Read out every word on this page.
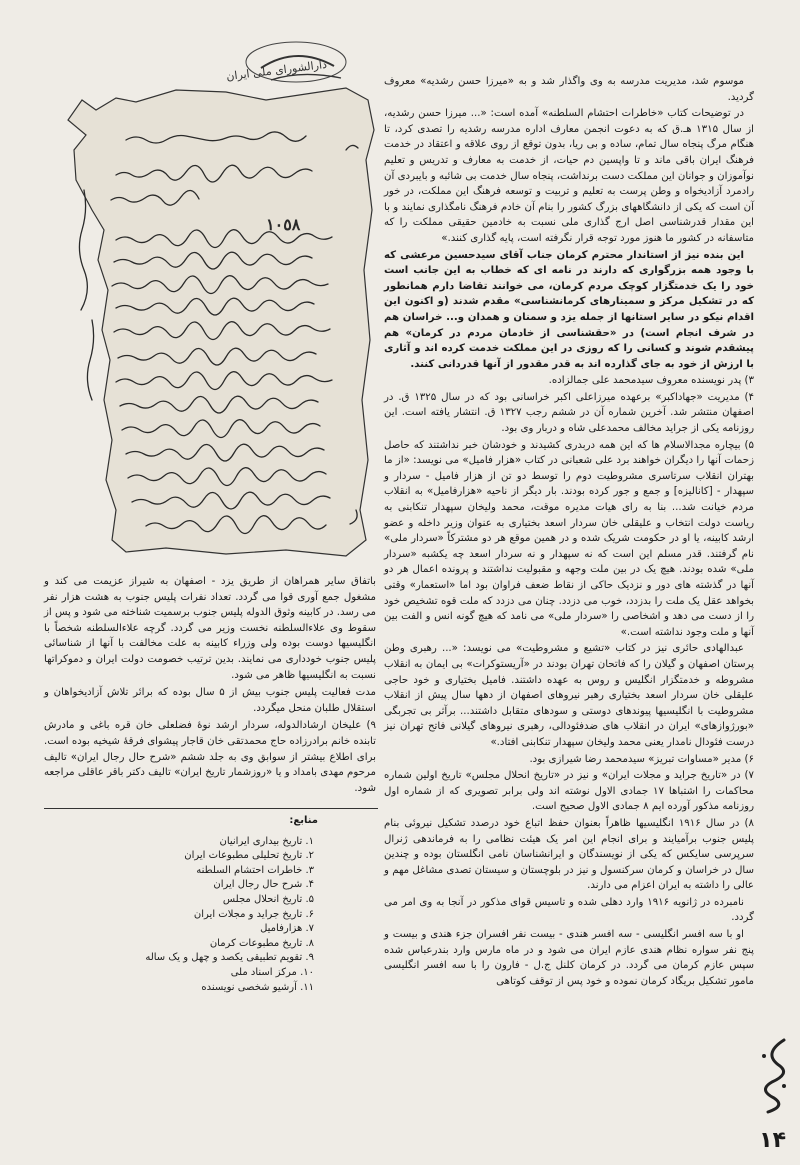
دارالشورای ملی ایران
١٠٥٨

موسوم شد، مدیریت مدرسه به وی واگذار شد و به «میرزا حسن رشدیه» معروف گردید.

در توضیحات کتاب «خاطرات احتشام السلطنه» آمده است: «... میرزا حسن رشدیه، از سال ۱۳۱۵ هـ.ق که به دعوت انجمن معارف اداره مدرسه رشدیه را تصدی کرد، تا هنگام مرگ پنجاه سال تمام، ساده و بی ریا، بدون توقع از روی علاقه و اعتقاد در خدمت فرهنگ ایران باقی ماند و تا واپسین دم حیات، از خدمت به معارف و تدریس و تعلیم نوآموزان و جوانان این مملکت دست برنداشت، پنجاه سال خدمت بی شائبه و بایبردی آن رادمرد آزادیخواه و وطن پرست به تعلیم و تربیت و توسعه فرهنگ این مملکت، در خور آن است که یکی از دانشگاههای بزرگ کشور را بنام آن خادم فرهنگ نامگذاری نمایند و با این مقدار قدرشناسی اصل ارج گذاری ملی نسبت به خادمین حقیقی مملکت را که متاسفانه در کشور ما هنوز مورد توجه قرار نگرفته است، پایه گذاری کنند.»

این بنده نیز از استاندار محترم کرمان جناب آقای سیدحسین مرعشی که با وجود همه بزرگواری که دارند در نامه ای که خطاب به این جانب است خود را یک خدمتگزار کوچک مردم کرمان، می خوانند تقاضا دارم همانطور که در تشکیل مرکز و سمینارهای کرمانشناسی» مقدم شدند (و اکنون این اقدام نیکو در سایر استانها از جمله یزد و سمنان و همدان و... خراسان هم در شرف انجام است) در «حقشناسی از خادمان مردم در کرمان» هم پیشقدم شوند و کسانی را که روزی در این مملکت خدمت کرده اند و آثاری با ارزش از خود به جای گذارده اند به قدر مقدور از آنها قدردانی کنند.

۳) پدر نویسنده معروف سیدمحمد علی جمالزاده.

۴) مدیریت «جهاداکبر» برعهده میرزاعلی اکبر خراسانی بود که در سال ۱۳۲۵ ق. در اصفهان منتشر شد. آخرین شماره آن در ششم رجب ۱۳۲۷ ق. انتشار یافته است. این روزنامه یکی از جراید مخالف محمدعلی شاه و دربار وی بود.

۵) بیچاره مجدالاسلام ها که این همه دربدری کشیدند و خودشان خبر نداشتند که حاصل زحمات آنها را دیگران خواهند برد علی شعبانی در کتاب «هزار فامیل» می نویسد: «از ما بهتران انقلاب سرتاسری مشروطیت دوم را توسط دو تن از هزار فامیل - سردار و سپهدار - [کانالیزه] و جمع و جور کرده بودند. بار دیگر از ناحیه «هزارفامیل» به انقلاب مردم خیانت شد... بنا به رای هیات مدیره موقت، محمد ولیخان سپهدار تنکابنی به ریاست دولت انتخاب و علیقلی خان سردار اسعد بختیاری به عنوان وزیر داخله و عضو ارشد کابینه، یا او در حکومت شریک شده و در همین موقع هر دو مشترکاً «سردار ملی» نام گرفتند. قدر مسلم این است که نه سپهدار و نه سردار اسعد چه یکشبه «سردار ملی» شده بودند. هیچ یک در بین ملت وجهه و مقبولیت نداشتند و پرونده اعمال هر دو آنها در گذشته های دور و نزدیک حاکی از نقاط ضعف فراوان بود اما «استعمار» وقتی بخواهد عقل یک ملت را بدزدد، خوب می دزدد. چنان می دزدد که ملت قوه تشخیص خود را از دست می دهد و اشخاصی را «سردار ملی» می نامد که هیچ گونه انس و الفت بین آنها و ملت وجود نداشته است.»

عبدالهادی حائری نیز در کتاب «تشیع و مشروطیت» می نویسد: «... رهبری وطن پرستان اصفهان و گیلان را که فاتحان تهران بودند در «آریستوکرات» بی ایمان به انقلاب مشروطه و خدمتگزار انگلیس و روس به عهده داشتند. فامیل بختیاری و خود حاجی علیقلی خان سردار اسعد بختیاری رهبر نیروهای اصفهان از دهها سال پیش از انقلاب مشروطیت با انگلیسیها پیوندهای دوستی و سودهای متقابل داشتند... برآثر بی تجربگی «بورژوازهای» ایران در انقلاب های ضدفئودالی، رهبری نیروهای گیلانی فاتح تهران نیز درست فئودال نامدار یعنی محمد ولیخان سپهدار تنکابنی افتاد.»

۶) مدیر «مساوات تبریز» سیدمحمد رضا شیرازی بود.

۷) در «تاریخ جراید و مجلات ایران» و نیز در «تاریخ انحلال مجلس» تاریخ اولین شماره محاکمات را اشتباها ۱۷ جمادی الاول نوشته اند ولی برابر تصویری که از شماره اول روزنامه مذکور آورده ایم ۸ جمادی الاول صحیح است.

۸) در سال ۱۹۱۶ انگلیسیها ظاهراً بعنوان حفظ اتباع خود درصدد تشکیل نیروئی بنام پلیس جنوب برآمیایند و برای انجام این امر یک هیئت نظامی را به فرماندهی ژنرال سرپرسی سایکس که یکی از نویسندگان و ایرانشناسان نامی انگلستان بوده و چندین سال در خراسان و کرمان سرکنسول و نیز در بلوچستان و سیستان تصدی مشاغل مهم و عالی را داشته به ایران اعزام می دارند.

نامبرده در ژانویه ۱۹۱۶ وارد دهلی شده و تاسیس قوای مذکور در آنجا به وی امر می گردد.

او با سه افسر انگلیسی - سه افسر هندی - بیست نفر افسران جزء هندی و بیست و پنج نفر سواره نظام هندی عازم ایران می شود و در ماه مارس وارد بندرعباس شده سپس عازم کرمان می گردد. در کرمان کلنل ج.ل - فارون را با سه افسر انگلیسی مامور تشکیل بریگاد کرمان نموده و خود پس از توقف کوتاهی

باتفاق سایر همراهان از طریق یزد - اصفهان به شیراز عزیمت می کند و مشغول جمع آوری قوا می گردد. تعداد نفرات پلیس جنوب به هشت هزار نفر می رسد. در کابینه وثوق الدوله پلیس جنوب برسمیت شناخته می شود و پس از سقوط وی علاءالسلطنه نخست وزیر می گردد. گرچه علاءالسلطنه شخصاً با انگلیسیها دوست بوده ولی وزراء کابینه به علت مخالفت با آنها از شناسائی پلیس جنوب خودداری می نمایند. بدین ترتیب خصومت دولت ایران و دموکراتها نسبت به انگلیسیها ظاهر می شود.

مدت فعالیت پلیس جنوب بیش از ۵ سال بوده که برائر تلاش آزادیخواهان و استقلال طلبان منحل میگردد.

۹) علیخان ارشادالدوله، سردار ارشد نوۀ فضلعلی خان قره باغی و مادرش تابنده خانم برادرزاده حاج محمدتقی خان قاجار پیشوای فرقۀ شیخیه بوده است. برای اطلاع بیشتر از سوابق وی به جلد ششم «شرح حال رجال ایران» تالیف مرحوم مهدی بامداد و یا «روزشمار تاریخ ایران» تالیف دکتر باقر عاقلی مراجعه شود.

منابع:
۱. تاریخ بیداری ایرانیان
۲. تاریخ تحلیلی مطبوعات ایران
۳. خاطرات احتشام السلطنه
۴. شرح حال رجال ایران
۵. تاریخ انحلال مجلس
۶. تاریخ جراید و مجلات ایران
۷. هزارفامیل
۸. تاریخ مطبوعات کرمان
۹. تقویم تطبیقی یکصد و چهل و یک ساله
۱۰. مرکز اسناد ملی
۱۱. آرشیو شخصی نویسنده
۱۴
